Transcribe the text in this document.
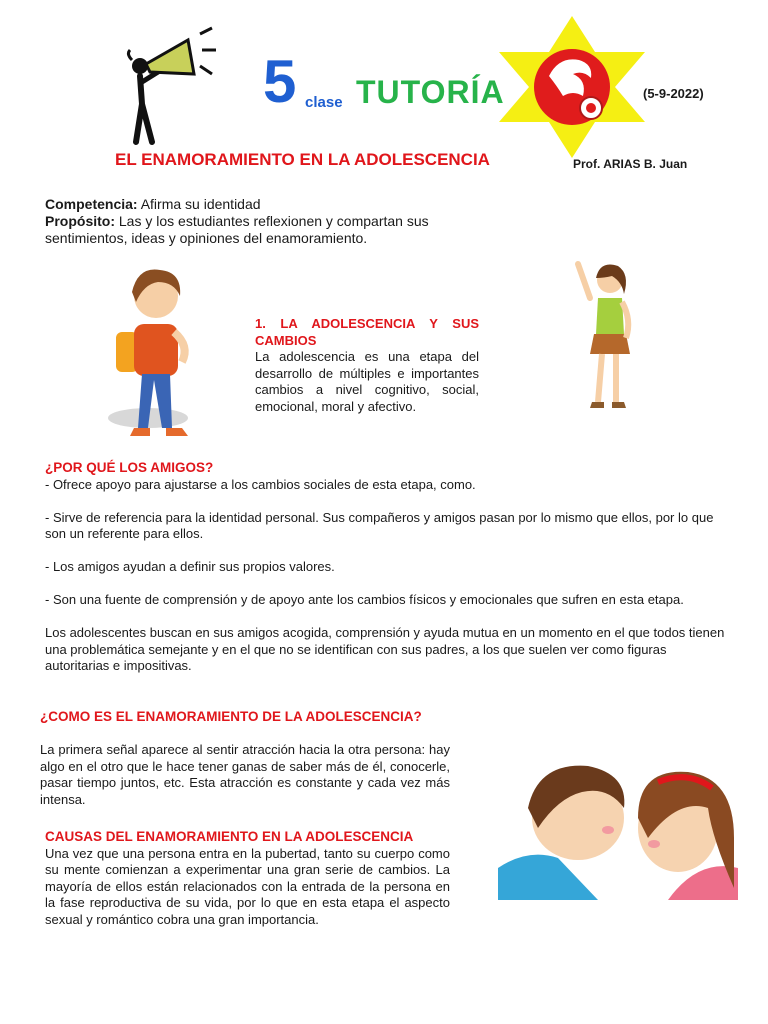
5 clase TUTORÍA	(5-9-2022)
EL ENAMORAMIENTO EN LA ADOLESCENCIA	Prof. ARIAS B. Juan
Competencia: Afirma su identidad
Propósito: Las y los estudiantes reflexionen y compartan sus sentimientos, ideas y opiniones del enamoramiento.
1. LA ADOLESCENCIA Y SUS CAMBIOS
La adolescencia es una etapa del desarrollo de múltiples e importantes cambios a nivel cognitivo, social, emocional, moral y afectivo.
¿POR QUÉ LOS AMIGOS?

- Ofrece apoyo para ajustarse a los cambios sociales de esta etapa, como.

- Sirve de referencia para la identidad personal. Sus compañeros y amigos pasan por lo mismo que ellos, por lo que son un referente para ellos.

- Los amigos ayudan a definir sus propios valores.

- Son una fuente de comprensión y de apoyo ante los cambios físicos y emocionales que sufren en esta etapa.

Los adolescentes buscan en sus amigos acogida, comprensión y ayuda mutua en un momento en el que todos tienen una problemática semejante y en el que no se identifican con sus padres, a los que suelen ver como figuras autoritarias e impositivas.

¿COMO ES EL ENAMORAMIENTO DE LA ADOLESCENCIA?
La primera señal aparece al sentir atracción hacia la otra persona: hay algo en el otro que le hace tener ganas de saber más de él, conocerle, pasar tiempo juntos, etc. Esta atracción es constante y cada vez más intensa.
CAUSAS DEL ENAMORAMIENTO EN LA ADOLESCENCIA
Una vez que una persona entra en la pubertad, tanto su cuerpo como su mente comienzan a experimentar una gran serie de cambios. La mayoría de ellos están relacionados con la entrada de la persona en la fase reproductiva de su vida, por lo que en esta etapa el aspecto sexual y romántico cobra una gran importancia.
